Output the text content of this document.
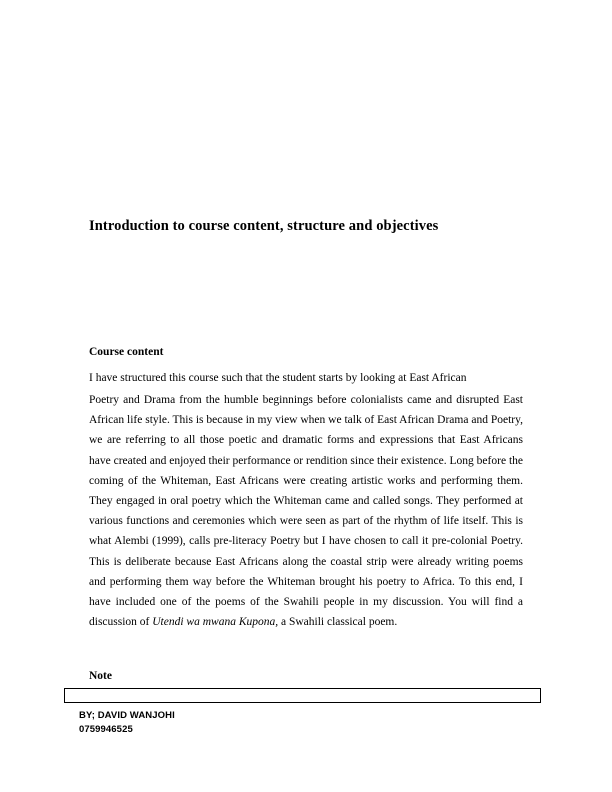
Introduction to course content, structure and objectives
Course content

I have structured this course such that the student starts by looking at East African

Poetry and Drama from the humble beginnings before colonialists came and disrupted East African life style. This is because in my view when we talk of East African Drama and Poetry, we are referring to all those poetic and dramatic forms and expressions that East Africans have created and enjoyed their performance or rendition since their existence. Long before the coming of the Whiteman, East Africans were creating artistic works and performing them. They engaged in oral poetry which the Whiteman came and called songs. They performed at various functions and ceremonies which were seen as part of the rhythm of life itself. This is what Alembi (1999), calls pre-literacy Poetry but I have chosen to call it pre-colonial Poetry. This is deliberate because East Africans along the coastal strip were already writing poems and performing them way before the Whiteman brought his poetry to Africa. To this end, I have included one of the poems of the Swahili people in my discussion. You will find a discussion of Utendi wa mwana Kupona, a Swahili classical poem.

Note
BY; DAVID WANJOHI
0759946525
